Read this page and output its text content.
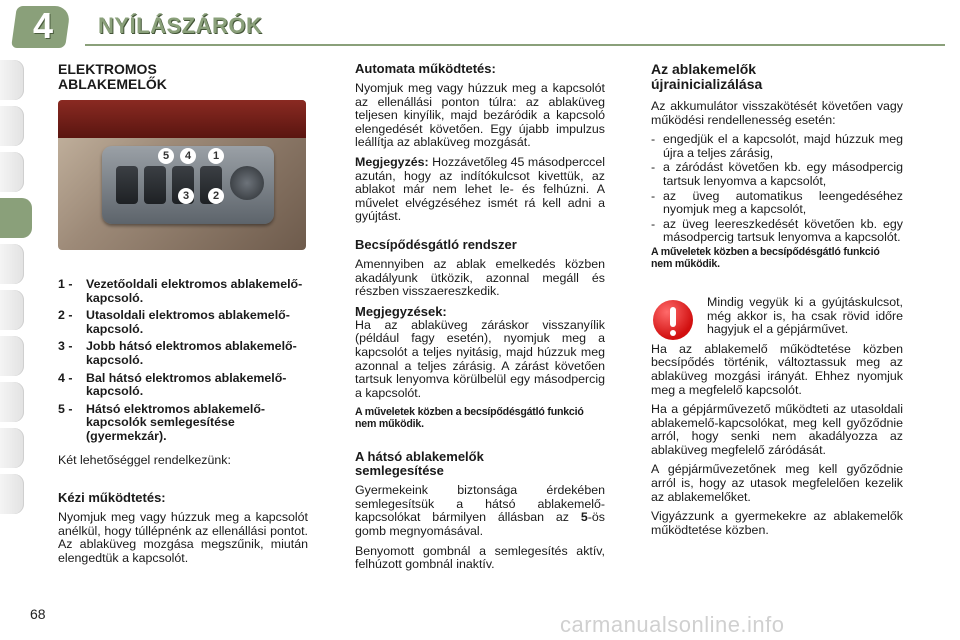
4	NYÍLÁSZÁRÓK
ELEKTROMOS
ABLAKEMELŐK
5	4	1
3	2
1 -	Vezetőoldali elektromos ablakemelő-kapcsoló.
2 -	Utasoldali elektromos ablakemelő-kapcsoló.
3 -	Jobb hátsó elektromos ablakemelő-kapcsoló.
4 -	Bal hátsó elektromos ablakemelő-kapcsoló.
5 -	Hátsó elektromos ablakemelő-kapcsolók semlegesítése (gyermekzár).

Két lehetőséggel rendelkezünk:

Kézi működtetés:

Nyomjuk meg vagy húzzuk meg a kapcsolót anélkül, hogy túllépnénk az ellenállási pontot. Az ablaküveg mozgása megszűnik, miután elengedtük a kapcsolót.

Automata működtetés:

Nyomjuk meg vagy húzzuk meg a kapcsolót az ellenállási ponton túlra: az ablaküveg teljesen kinyílik, majd bezáródik a kapcsoló elengedését követően. Egy újabb impulzus leállítja az ablaküveg mozgását.

Megjegyzés: Hozzávetőleg 45 másodperccel azután, hogy az indítókulcsot kivettük, az ablakot már nem lehet le- és felhúzni. A művelet elvégzéséhez ismét rá kell adni a gyújtást.

Becsípődésgátló rendszer

Amennyiben az ablak emelkedés közben akadályunk ütközik, azonnal megáll és részben visszaereszkedik.

Megjegyzések:

Ha az ablaküveg záráskor visszanyílik (például fagy esetén), nyomjuk meg a kapcsolót a teljes nyitásig, majd húzzuk meg azonnal a teljes zárásig. A zárást követően tartsuk lenyomva körülbelül egy másodpercig a kapcsolót.

A műveletek közben a becsípődésgátló funkció nem működik.
A hátsó ablakemelők
semlegesítése

Gyermekeink biztonsága érdekében semlegesítsük a hátsó ablakemelő-kapcsolókat bármilyen állásban az 5-ös gomb megnyomásával.

Benyomott gombnál a semlegesítés aktív, felhúzott gombnál inaktív.

Az ablakemelők
újrainicializálása

Az akkumulátor visszakötését követően vagy működési rendellenesség esetén:

- engedjük el a kapcsolót, majd húzzuk meg újra a teljes zárásig,
- a záródást követően kb. egy másodpercig tartsuk lenyomva a kapcsolót,
- az üveg automatikus leengedéséhez nyomjuk meg a kapcsolót,
- az üveg leereszkedését követően kb. egy másodpercig tartsuk lenyomva a kapcsolót.
A műveletek közben a becsípődésgátló funkció nem működik.

Mindig vegyük ki a gyújtáskulcsot, még akkor is, ha csak rövid időre hagyjuk el a gépjárművet.

Ha az ablakemelő működtetése közben becsípődés történik, változtassuk meg az ablaküveg mozgási irányát. Ehhez nyomjuk meg a megfelelő kapcsolót.

Ha a gépjárművezető működteti az utasoldali ablakemelő-kapcsolókat, meg kell győződnie arról, hogy senki nem akadályozza az ablaküveg megfelelő záródását.

A gépjárművezetőnek meg kell győződnie arról is, hogy az utasok megfelelően kezelik az ablakemelőket.

Vigyázzunk a gyermekekre az ablakemelők működtetése közben.

68	carmanualsonline.info
